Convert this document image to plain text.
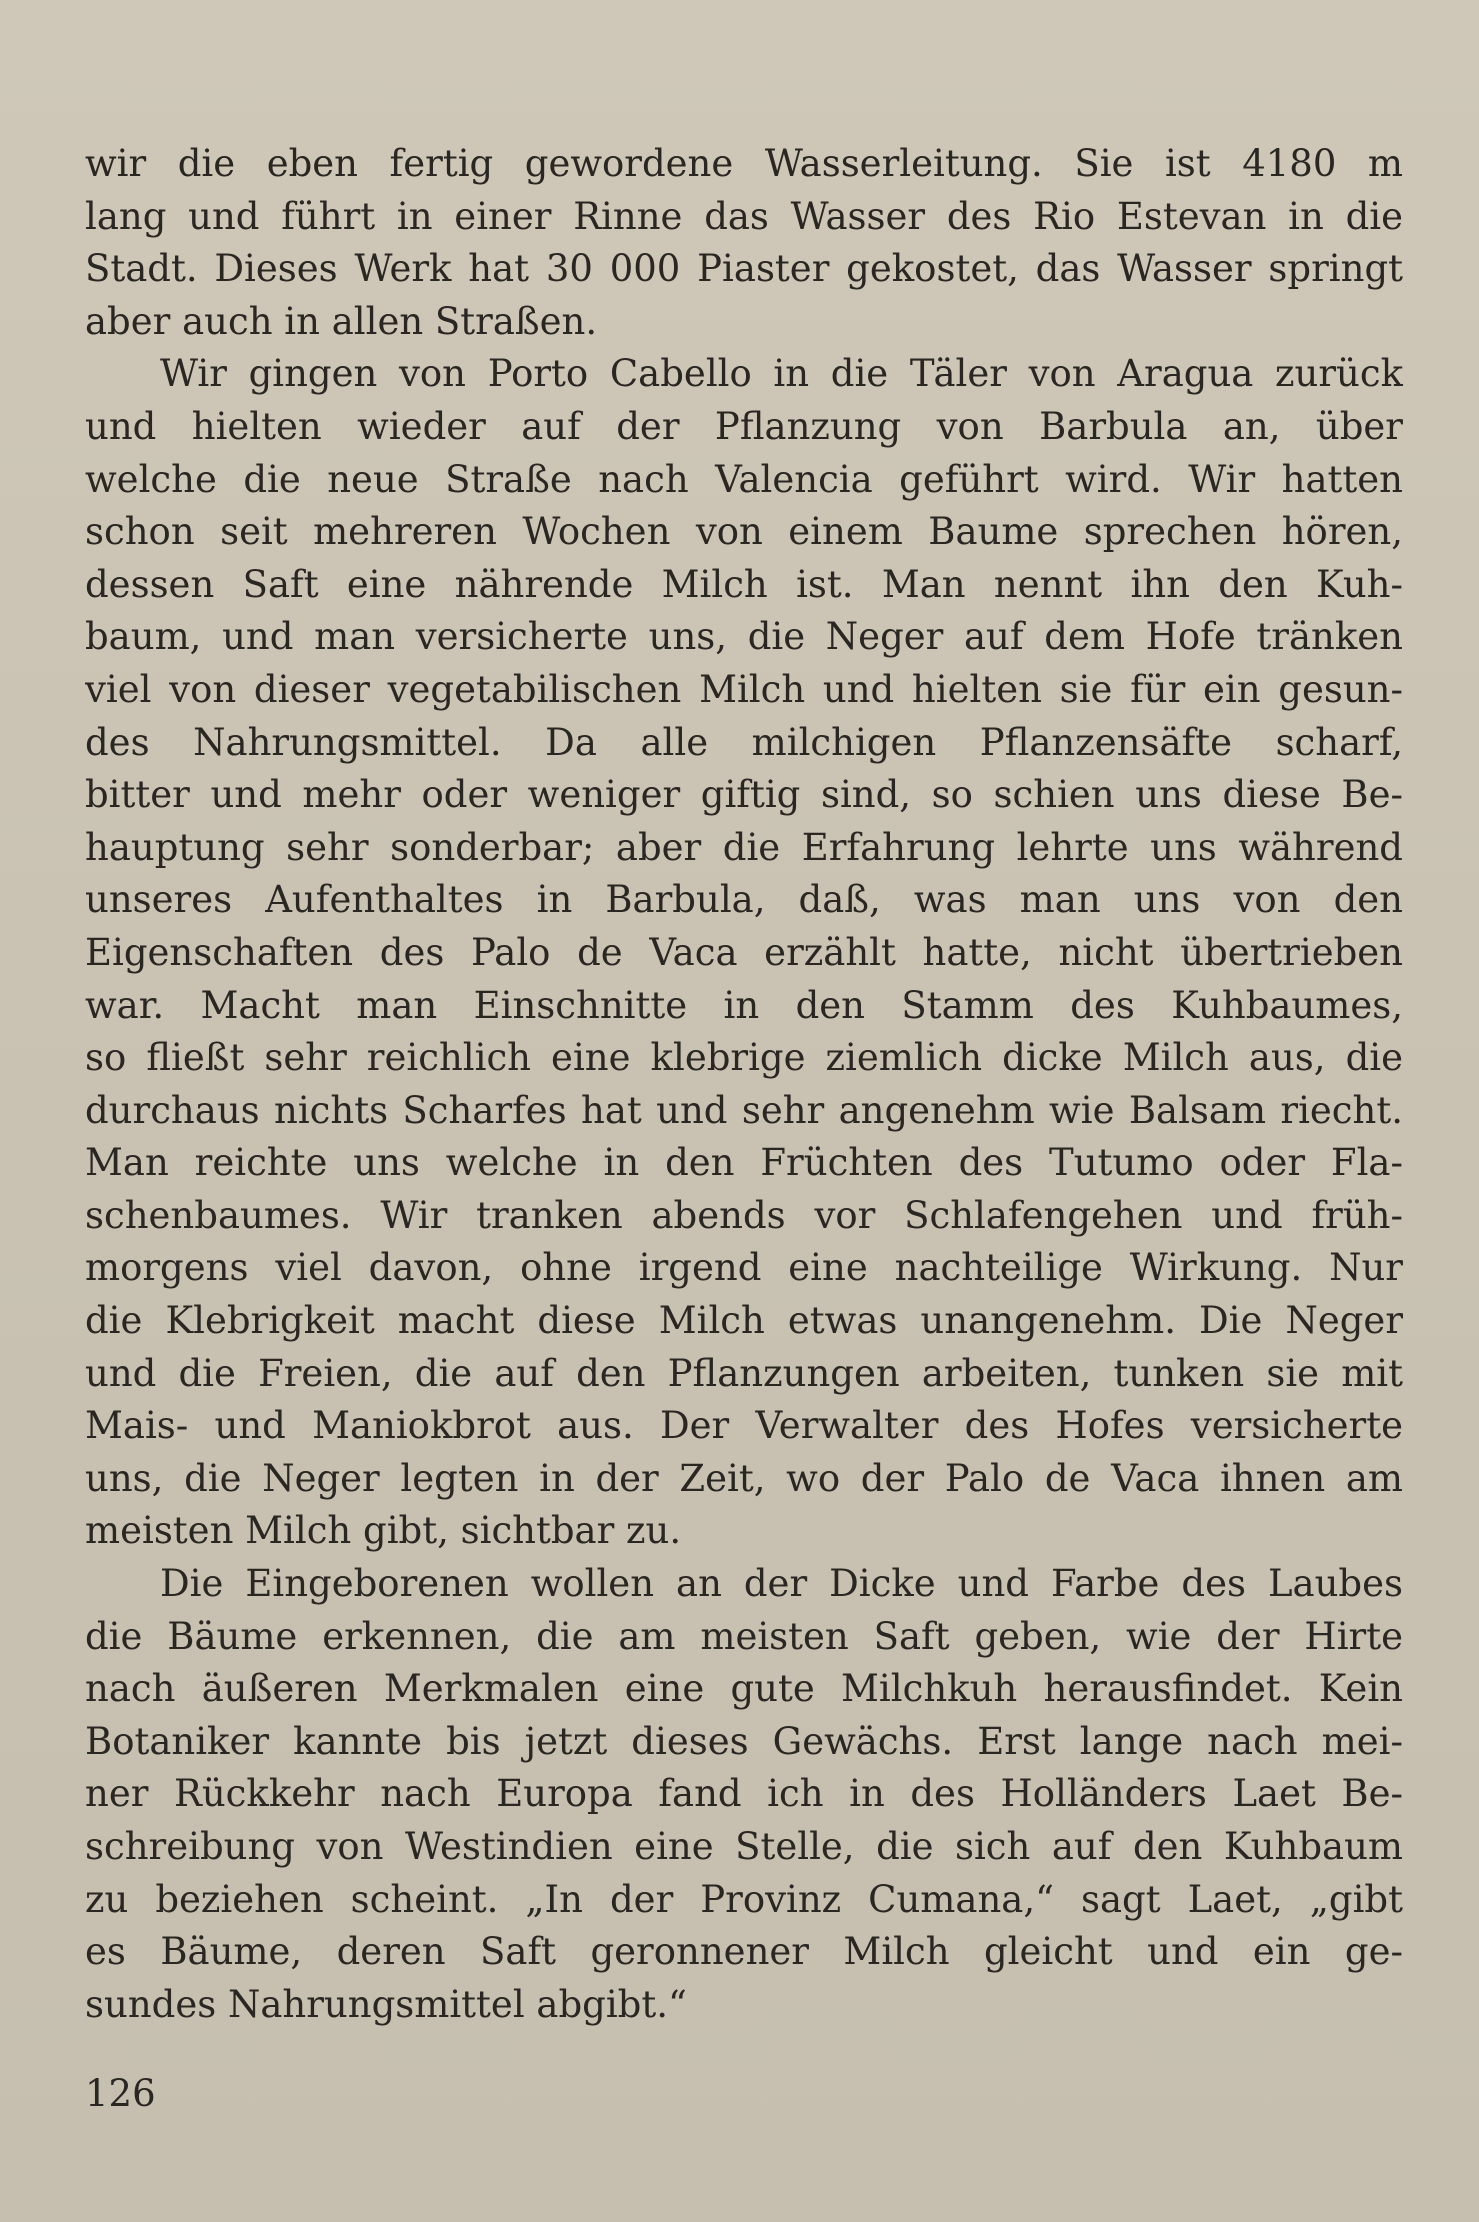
wir die eben fertig gewordene Wasserleitung. Sie ist 4180 m
lang und führt in einer Rinne das Wasser des Rio Estevan in die
Stadt. Dieses Werk hat 30 000 Piaster gekostet, das Wasser springt
aber auch in allen Straßen.
Wir gingen von Porto Cabello in die Täler von Aragua zurück
und hielten wieder auf der Pflanzung von Barbula an, über
welche die neue Straße nach Valencia geführt wird. Wir hatten
schon seit mehreren Wochen von einem Baume sprechen hören,
dessen Saft eine nährende Milch ist. Man nennt ihn den Kuh-
baum, und man versicherte uns, die Neger auf dem Hofe tränken
viel von dieser vegetabilischen Milch und hielten sie für ein gesun-
des Nahrungsmittel. Da alle milchigen Pflanzensäfte scharf,
bitter und mehr oder weniger giftig sind, so schien uns diese Be-
hauptung sehr sonderbar; aber die Erfahrung lehrte uns während
unseres Aufenthaltes in Barbula, daß, was man uns von den
Eigenschaften des Palo de Vaca erzählt hatte, nicht übertrieben
war. Macht man Einschnitte in den Stamm des Kuhbaumes,
so fließt sehr reichlich eine klebrige ziemlich dicke Milch aus, die
durchaus nichts Scharfes hat und sehr angenehm wie Balsam riecht.
Man reichte uns welche in den Früchten des Tutumo oder Fla-
schenbaumes. Wir tranken abends vor Schlafengehen und früh-
morgens viel davon, ohne irgend eine nachteilige Wirkung. Nur
die Klebrigkeit macht diese Milch etwas unangenehm. Die Neger
und die Freien, die auf den Pflanzungen arbeiten, tunken sie mit
Mais- und Maniokbrot aus. Der Verwalter des Hofes versicherte
uns, die Neger legten in der Zeit, wo der Palo de Vaca ihnen am
meisten Milch gibt, sichtbar zu.
Die Eingeborenen wollen an der Dicke und Farbe des Laubes
die Bäume erkennen, die am meisten Saft geben, wie der Hirte
nach äußeren Merkmalen eine gute Milchkuh herausfindet. Kein
Botaniker kannte bis jetzt dieses Gewächs. Erst lange nach mei-
ner Rückkehr nach Europa fand ich in des Holländers Laet Be-
schreibung von Westindien eine Stelle, die sich auf den Kuhbaum
zu beziehen scheint. „In der Provinz Cumana,“ sagt Laet, „gibt
es Bäume, deren Saft geronnener Milch gleicht und ein ge-
sundes Nahrungsmittel abgibt.“
126
